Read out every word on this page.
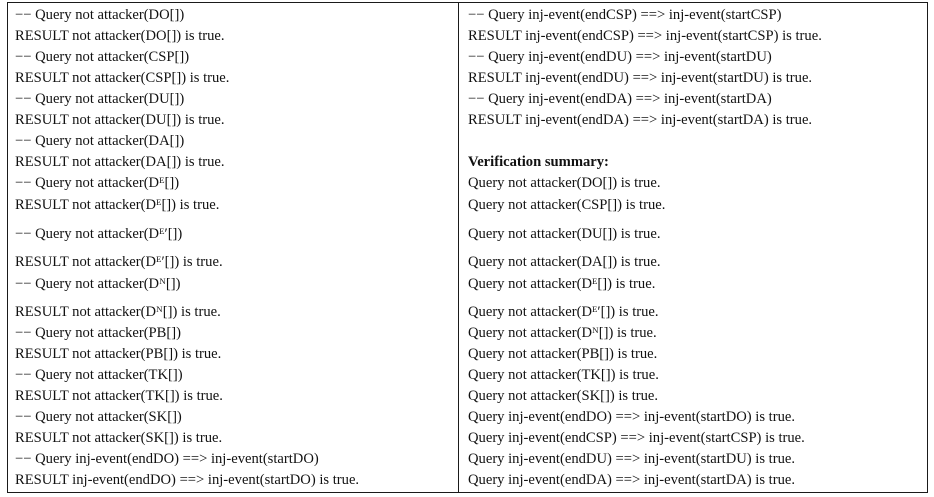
−− Query not attacker(DO[])
RESULT not attacker(DO[]) is true.
−− Query not attacker(CSP[])
RESULT not attacker(CSP[]) is true.
−− Query not attacker(DU[])
RESULT not attacker(DU[]) is true.
−− Query not attacker(DA[])
RESULT not attacker(DA[]) is true.
−− Query not attacker(Dᴱ[])
RESULT not attacker(Dᴱ[]) is true.
−− Query not attacker(Dᴱ′[])
RESULT not attacker(Dᴱ′[]) is true.
−− Query not attacker(Dᴺ[])
RESULT not attacker(Dᴺ[]) is true.
−− Query not attacker(PB[])
RESULT not attacker(PB[]) is true.
−− Query not attacker(TK[])
RESULT not attacker(TK[]) is true.
−− Query not attacker(SK[])
RESULT not attacker(SK[]) is true.
−− Query inj-event(endDO) ==> inj-event(startDO)
RESULT inj-event(endDO) ==> inj-event(startDO) is true.
−− Query inj-event(endCSP) ==> inj-event(startCSP)
RESULT inj-event(endCSP) ==> inj-event(startCSP) is true.
−− Query inj-event(endDU) ==> inj-event(startDU)
RESULT inj-event(endDU) ==> inj-event(startDU) is true.
−− Query inj-event(endDA) ==> inj-event(startDA)
RESULT inj-event(endDA) ==> inj-event(startDA) is true.
Verification summary:
Query not attacker(DO[]) is true.
Query not attacker(CSP[]) is true.
Query not attacker(DU[]) is true.
Query not attacker(DA[]) is true.
Query not attacker(Dᴱ[]) is true.
Query not attacker(Dᴱ′[]) is true.
Query not attacker(Dᴺ[]) is true.
Query not attacker(PB[]) is true.
Query not attacker(TK[]) is true.
Query not attacker(SK[]) is true.
Query inj-event(endDO) ==> inj-event(startDO) is true.
Query inj-event(endCSP) ==> inj-event(startCSP) is true.
Query inj-event(endDU) ==> inj-event(startDU) is true.
Query inj-event(endDA) ==> inj-event(startDA) is true.
